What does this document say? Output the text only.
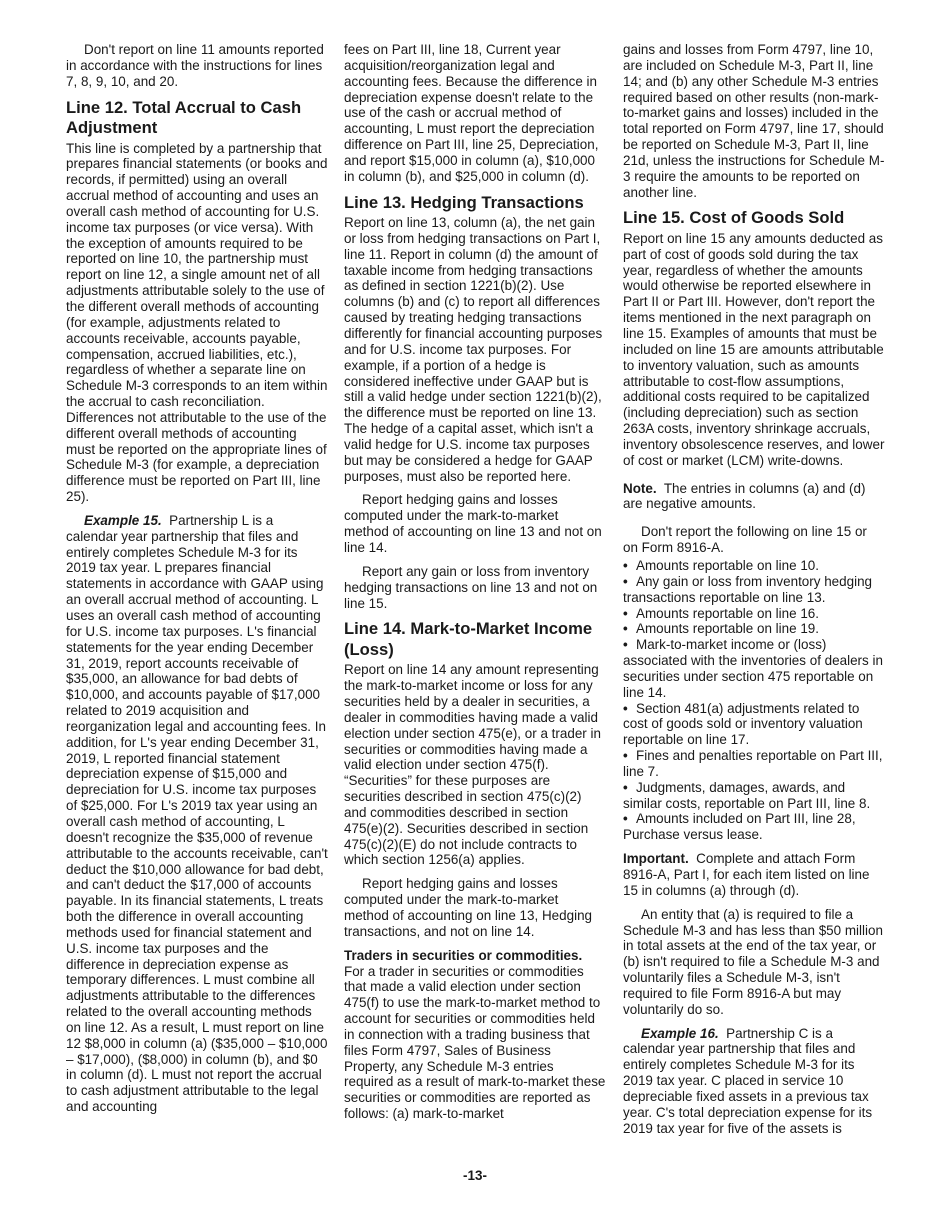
Don't report on line 11 amounts reported in accordance with the instructions for lines 7, 8, 9, 10, and 20.

Line 12. Total Accrual to Cash Adjustment

This line is completed by a partnership that prepares financial statements (or books and records, if permitted) using an overall accrual method of accounting and uses an overall cash method of accounting for U.S. income tax purposes (or vice versa). With the exception of amounts required to be reported on line 10, the partnership must report on line 12, a single amount net of all adjustments attributable solely to the use of the different overall methods of accounting (for example, adjustments related to accounts receivable, accounts payable, compensation, accrued liabilities, etc.), regardless of whether a separate line on Schedule M-3 corresponds to an item within the accrual to cash reconciliation. Differences not attributable to the use of the different overall methods of accounting must be reported on the appropriate lines of Schedule M-3 (for example, a depreciation difference must be reported on Part III, line 25).

Example 15. Partnership L is a calendar year partnership that files and entirely completes Schedule M-3 for its 2019 tax year. L prepares financial statements in accordance with GAAP using an overall accrual method of accounting. L uses an overall cash method of accounting for U.S. income tax purposes. L's financial statements for the year ending December 31, 2019, report accounts receivable of $35,000, an allowance for bad debts of $10,000, and accounts payable of $17,000 related to 2019 acquisition and reorganization legal and accounting fees. In addition, for L's year ending December 31, 2019, L reported financial statement depreciation expense of $15,000 and depreciation for U.S. income tax purposes of $25,000. For L's 2019 tax year using an overall cash method of accounting, L doesn't recognize the $35,000 of revenue attributable to the accounts receivable, can't deduct the $10,000 allowance for bad debt, and can't deduct the $17,000 of accounts payable. In its financial statements, L treats both the difference in overall accounting methods used for financial statement and U.S. income tax purposes and the difference in depreciation expense as temporary differences. L must combine all adjustments attributable to the differences related to the overall accounting methods on line 12. As a result, L must report on line 12 $8,000 in column (a) ($35,000 – $10,000 – $17,000), ($8,000) in column (b), and $0 in column (d). L must not report the accrual to cash adjustment attributable to the legal and accounting

fees on Part III, line 18, Current year acquisition/reorganization legal and accounting fees. Because the difference in depreciation expense doesn't relate to the use of the cash or accrual method of accounting, L must report the depreciation difference on Part III, line 25, Depreciation, and report $15,000 in column (a), $10,000 in column (b), and $25,000 in column (d).

Line 13. Hedging Transactions

Report on line 13, column (a), the net gain or loss from hedging transactions on Part I, line 11. Report in column (d) the amount of taxable income from hedging transactions as defined in section 1221(b)(2). Use columns (b) and (c) to report all differences caused by treating hedging transactions differently for financial accounting purposes and for U.S. income tax purposes. For example, if a portion of a hedge is considered ineffective under GAAP but is still a valid hedge under section 1221(b)(2), the difference must be reported on line 13. The hedge of a capital asset, which isn't a valid hedge for U.S. income tax purposes but may be considered a hedge for GAAP purposes, must also be reported here.

Report hedging gains and losses computed under the mark-to-market method of accounting on line 13 and not on line 14.

Report any gain or loss from inventory hedging transactions on line 13 and not on line 15.

Line 14. Mark-to-Market Income (Loss)

Report on line 14 any amount representing the mark-to-market income or loss for any securities held by a dealer in securities, a dealer in commodities having made a valid election under section 475(e), or a trader in securities or commodities having made a valid election under section 475(f). “Securities” for these purposes are securities described in section 475(c)(2) and commodities described in section 475(e)(2). Securities described in section 475(c)(2)(E) do not include contracts to which section 1256(a) applies.

Report hedging gains and losses computed under the mark-to-market method of accounting on line 13, Hedging transactions, and not on line 14.

Traders in securities or commodities. For a trader in securities or commodities that made a valid election under section 475(f) to use the mark-to-market method to account for securities or commodities held in connection with a trading business that files Form 4797, Sales of Business Property, any Schedule M-3 entries required as a result of mark-to-market these securities or commodities are reported as follows: (a) mark-to-market

gains and losses from Form 4797, line 10, are included on Schedule M-3, Part II, line 14; and (b) any other Schedule M-3 entries required based on other results (non-mark-to-market gains and losses) included in the total reported on Form 4797, line 17, should be reported on Schedule M-3, Part II, line 21d, unless the instructions for Schedule M-3 require the amounts to be reported on another line.

Line 15. Cost of Goods Sold

Report on line 15 any amounts deducted as part of cost of goods sold during the tax year, regardless of whether the amounts would otherwise be reported elsewhere in Part II or Part III. However, don't report the items mentioned in the next paragraph on line 15. Examples of amounts that must be included on line 15 are amounts attributable to inventory valuation, such as amounts attributable to cost-flow assumptions, additional costs required to be capitalized (including depreciation) such as section 263A costs, inventory shrinkage accruals, inventory obsolescence reserves, and lower of cost or market (LCM) write-downs.

Note. The entries in columns (a) and (d) are negative amounts.

Don't report the following on line 15 or on Form 8916-A.

• Amounts reportable on line 10.
• Any gain or loss from inventory hedging transactions reportable on line 13.
• Amounts reportable on line 16.
• Amounts reportable on line 19.
• Mark-to-market income or (loss) associated with the inventories of dealers in securities under section 475 reportable on line 14.
• Section 481(a) adjustments related to cost of goods sold or inventory valuation reportable on line 17.
• Fines and penalties reportable on Part III, line 7.
• Judgments, damages, awards, and similar costs, reportable on Part III, line 8.
• Amounts included on Part III, line 28, Purchase versus lease.

Important. Complete and attach Form 8916-A, Part I, for each item listed on line 15 in columns (a) through (d).

An entity that (a) is required to file a Schedule M-3 and has less than $50 million in total assets at the end of the tax year, or (b) isn't required to file a Schedule M-3 and voluntarily files a Schedule M-3, isn't required to file Form 8916-A but may voluntarily do so.

Example 16. Partnership C is a calendar year partnership that files and entirely completes Schedule M-3 for its 2019 tax year. C placed in service 10 depreciable fixed assets in a previous tax year. C's total depreciation expense for its 2019 tax year for five of the assets is

-13-
